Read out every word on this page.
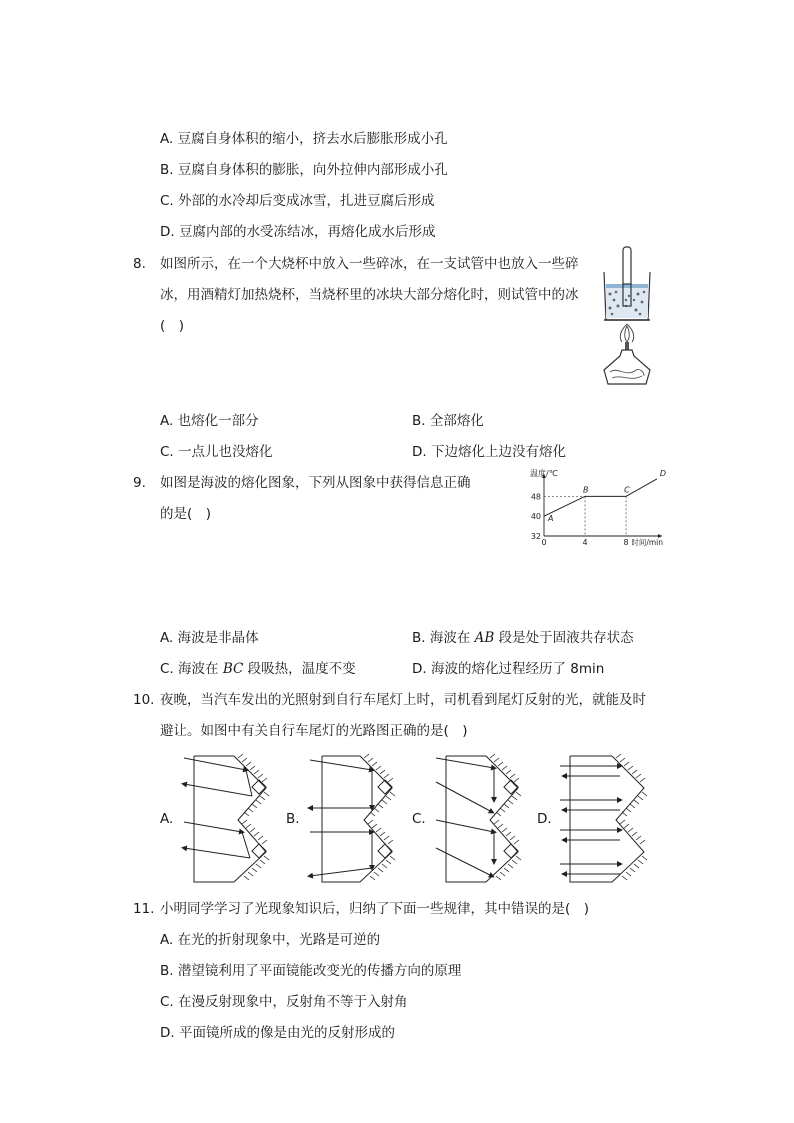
A. 豆腐自身体积的缩小，挤去水后膨胀形成小孔
B. 豆腐自身体积的膨胀，向外拉伸内部形成小孔
C. 外部的水冷却后变成冰雪，扎进豆腐后形成
D. 豆腐内部的水受冻结冰，再熔化成水后形成
8. 如图所示，在一个大烧杯中放入一些碎冰，在一支试管中也放入一些碎
冰，用酒精灯加热烧杯，当烧杯里的冰块大部分熔化时，则试管中的冰
(　)
A. 也熔化一部分	B. 全部熔化
C. 一点儿也没熔化	D. 下边熔化上边没有熔化
9. 如图是海波的熔化图象，下列从图象中获得信息正确
的是(　)
32
40
48
0	4	8
温度/℃
时间/min
A
B	C
D
A. 海波是非晶体	B. 海波在 AB 段是处于固液共存状态
C. 海波在 BC 段吸热，温度不变	D. 海波的熔化过程经历了 8min
10. 夜晚，当汽车发出的光照射到自行车尾灯上时，司机看到尾灯反射的光，就能及时
避让。如图中有关自行车尾灯的光路图正确的是(　)
A.	B.	C.	D.
11. 小明同学学习了光现象知识后，归纳了下面一些规律，其中错误的是(　)
A. 在光的折射现象中，光路是可逆的
B. 潜望镜利用了平面镜能改变光的传播方向的原理
C. 在漫反射现象中，反射角不等于入射角
D. 平面镜所成的像是由光的反射形成的
